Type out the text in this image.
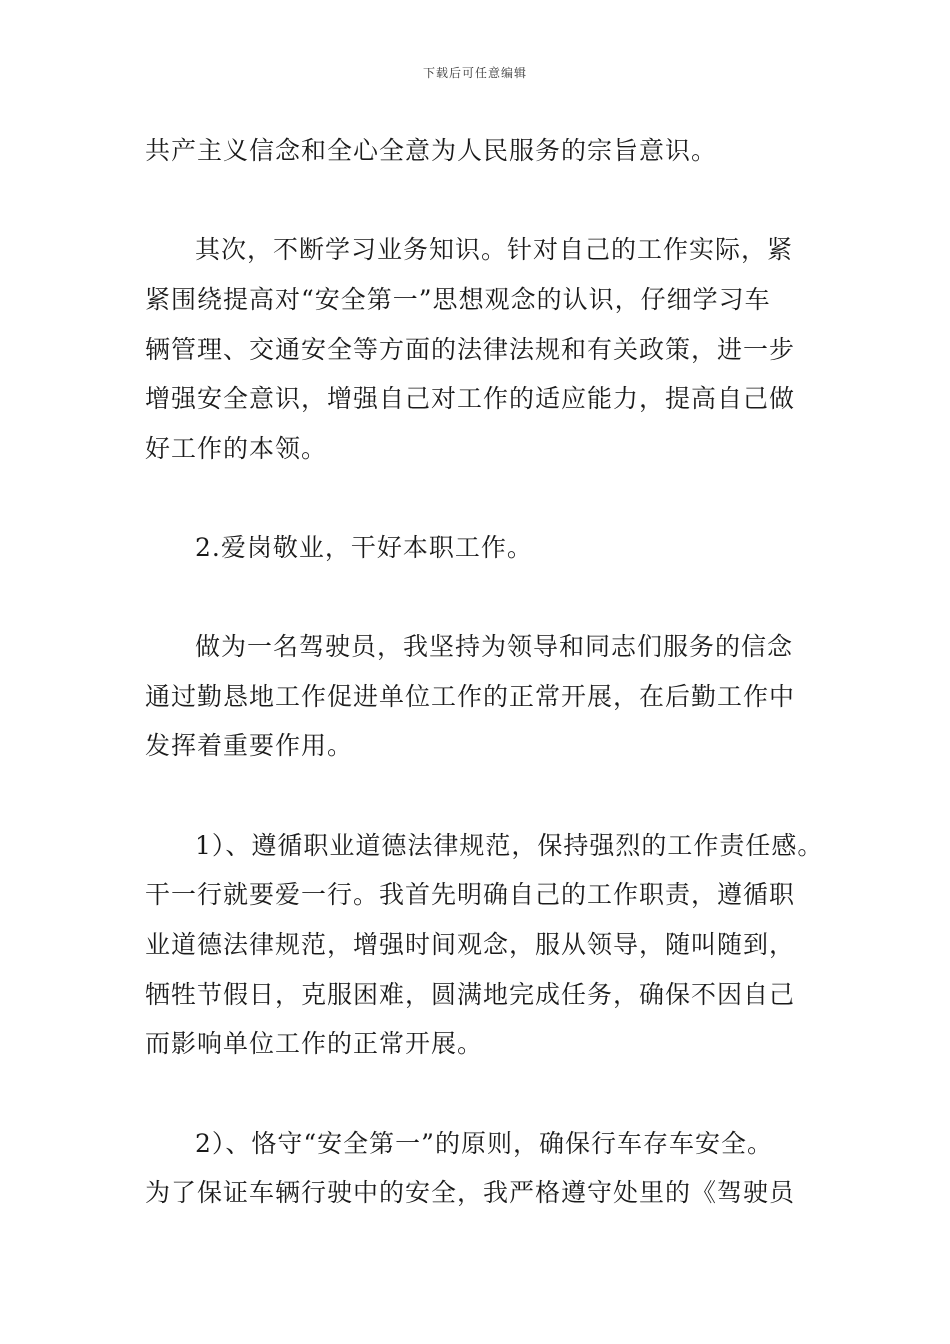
下载后可任意编辑
共产主义信念和全心全意为人民服务的宗旨意识。
其次，不断学习业务知识。针对自己的工作实际，紧
紧围绕提高对“安全第一”思想观念的认识，仔细学习车
辆管理、交通安全等方面的法律法规和有关政策，进一步
增强安全意识，增强自己对工作的适应能力，提高自己做
好工作的本领。
2.爱岗敬业，干好本职工作。
做为一名驾驶员，我坚持为领导和同志们服务的信念
通过勤恳地工作促进单位工作的正常开展，在后勤工作中
发挥着重要作用。
1）、遵循职业道德法律规范，保持强烈的工作责任感。
干一行就要爱一行。我首先明确自己的工作职责，遵循职
业道德法律规范，增强时间观念，服从领导，随叫随到，
牺牲节假日，克服困难，圆满地完成任务，确保不因自己
而影响单位工作的正常开展。
2）、恪守“安全第一”的原则，确保行车存车安全。
为了保证车辆行驶中的安全，我严格遵守处里的《驾驶员
